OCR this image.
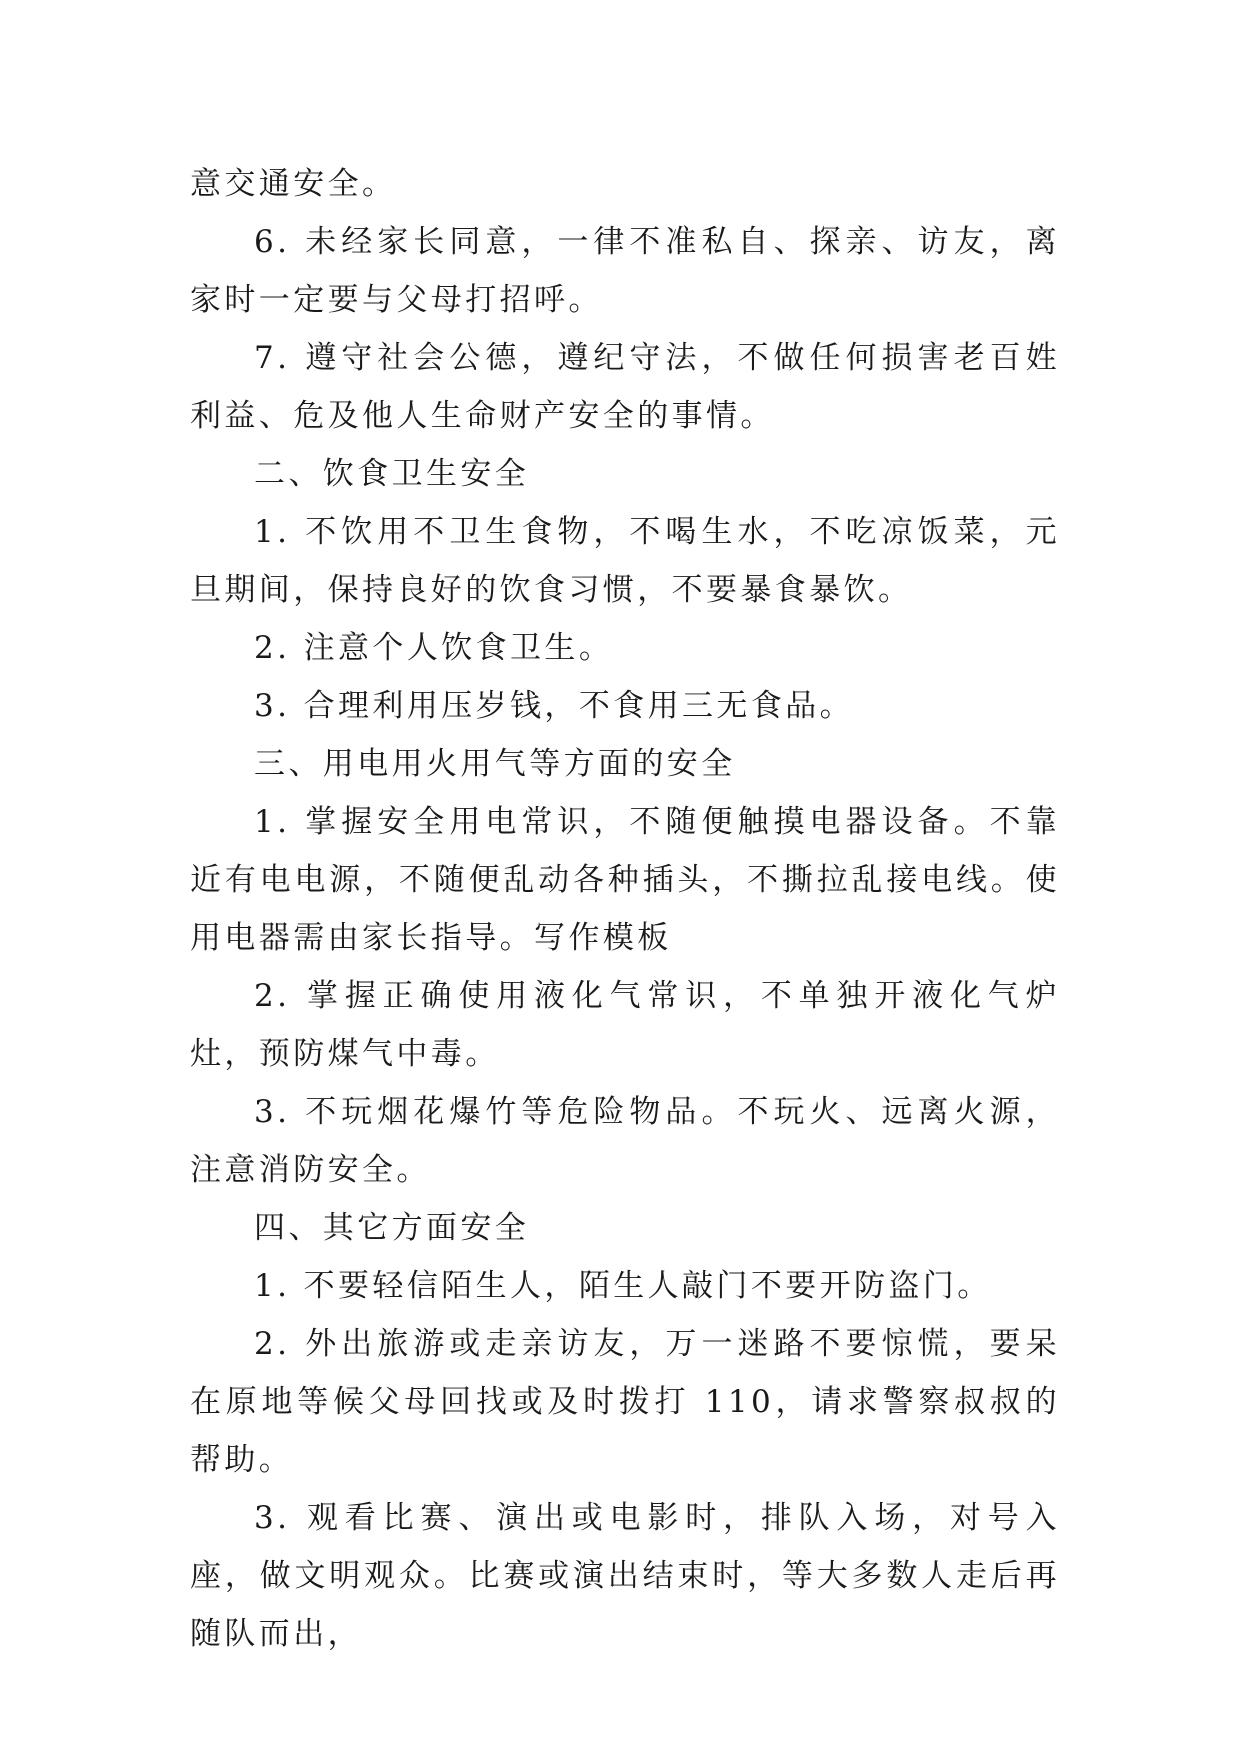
意交通安全。

6. 未经家长同意，一律不准私自、探亲、访友，离家时一定要与父母打招呼。

7. 遵守社会公德，遵纪守法，不做任何损害老百姓利益、危及他人生命财产安全的事情。

二、饮食卫生安全

1. 不饮用不卫生食物，不喝生水，不吃凉饭菜，元旦期间，保持良好的饮食习惯，不要暴食暴饮。

2. 注意个人饮食卫生。

3. 合理利用压岁钱，不食用三无食品。

三、用电用火用气等方面的安全

1. 掌握安全用电常识，不随便触摸电器设备。不靠近有电电源，不随便乱动各种插头，不撕拉乱接电线。使用电器需由家长指导。写作模板

2. 掌握正确使用液化气常识，不单独开液化气炉灶，预防煤气中毒。

3. 不玩烟花爆竹等危险物品。不玩火、远离火源，注意消防安全。

四、其它方面安全

1. 不要轻信陌生人，陌生人敲门不要开防盗门。

2. 外出旅游或走亲访友，万一迷路不要惊慌，要呆在原地等候父母回找或及时拨打 110，请求警察叔叔的帮助。

3. 观看比赛、演出或电影时，排队入场，对号入座，做文明观众。比赛或演出结束时，等大多数人走后再随队而出，
